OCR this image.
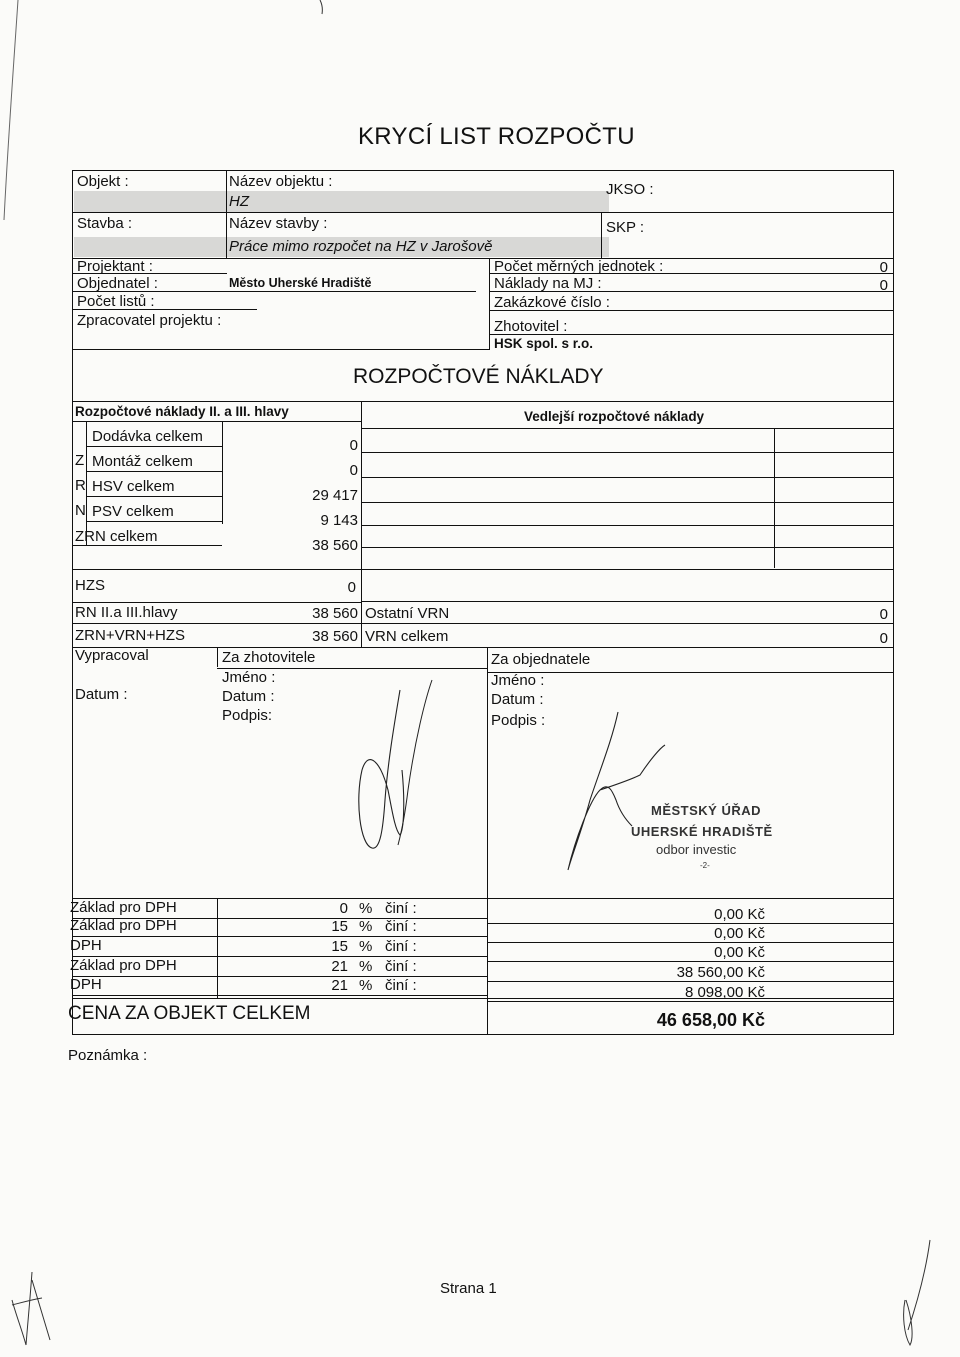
KRYCÍ LIST ROZPOČTU
Objekt :	Název objektu :
HZ
JKSO :
Stavba :	Název stavby :
Práce mimo rozpočet na HZ v Jarošově
SKP :
Projektant :	Počet měrných jednotek :	0
Objednatel :	Město Uherské Hradiště	Náklady na MJ :	0
Počet listů :	Zakázkové číslo :
Zpracovatel projektu :	Zhotovitel :
HSK spol. s r.o.
ROZPOČTOVÉ NÁKLADY
Rozpočtové náklady II. a III. hlavy	Vedlejší rozpočtové náklady
Z
R
N
Dodávka celkem
0
Montáž celkem
0
HSV celkem
29 417
PSV celkem
9 143
ZRN celkem
38 560
HZS	0
RN II.a III.hlavy	38 560
ZRN+VRN+HZS	38 560
Ostatní VRN	0
VRN celkem	0
Vypracoval
Datum :
Za zhotovitele
Jméno :
Datum :
Podpis:
Za objednatele
Jméno :
Datum :
Podpis :
MĚSTSKÝ ÚŘAD
UHERSKÉ HRADIŠTĚ
odbor investic
-2-
Základ pro DPH	0 % činí :	0,00 Kč
Základ pro DPH	15 % činí :	0,00 Kč
DPH	15 % činí :	0,00 Kč
Základ pro DPH	21 % činí :	38 560,00 Kč
DPH	21 % činí :	8 098,00 Kč
CENA ZA OBJEKT CELKEM	46 658,00 Kč
Poznámka :
Strana 1
